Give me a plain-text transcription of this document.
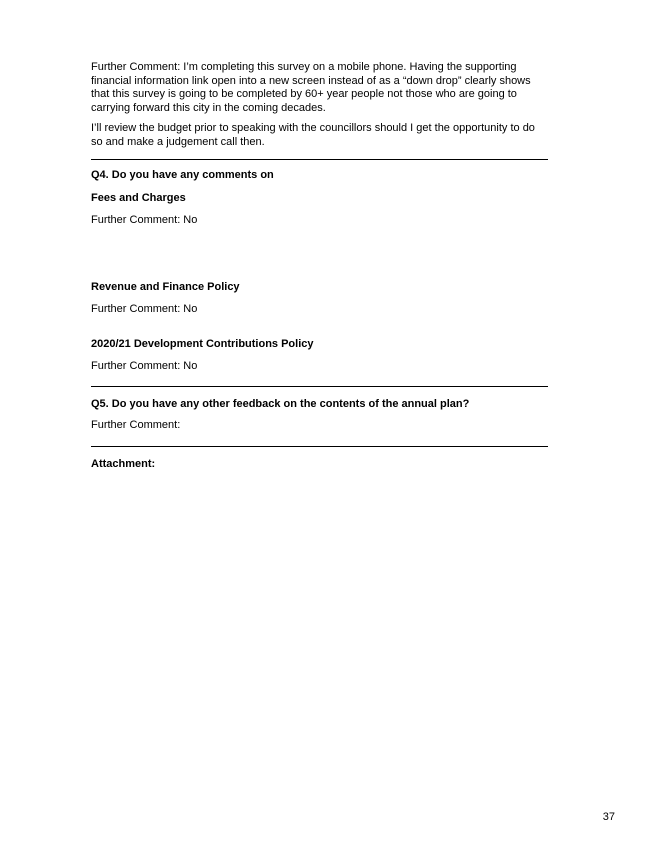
Further Comment: I’m completing this survey on a mobile phone. Having the supporting financial information link open into a new screen instead of as a “down drop” clearly shows that this survey is going to be completed by 60+ year people not those who are going to carrying forward this city in the coming decades.

I’ll review the budget prior to speaking with the councillors should I get the opportunity to do so and make a judgement call then.

Q4. Do you have any comments on

Fees and Charges

Further Comment: No

Revenue and Finance Policy

Further Comment: No

2020/21 Development Contributions Policy

Further Comment: No

Q5. Do you have any other feedback on the contents of the annual plan?

Further Comment:

Attachment:

37
